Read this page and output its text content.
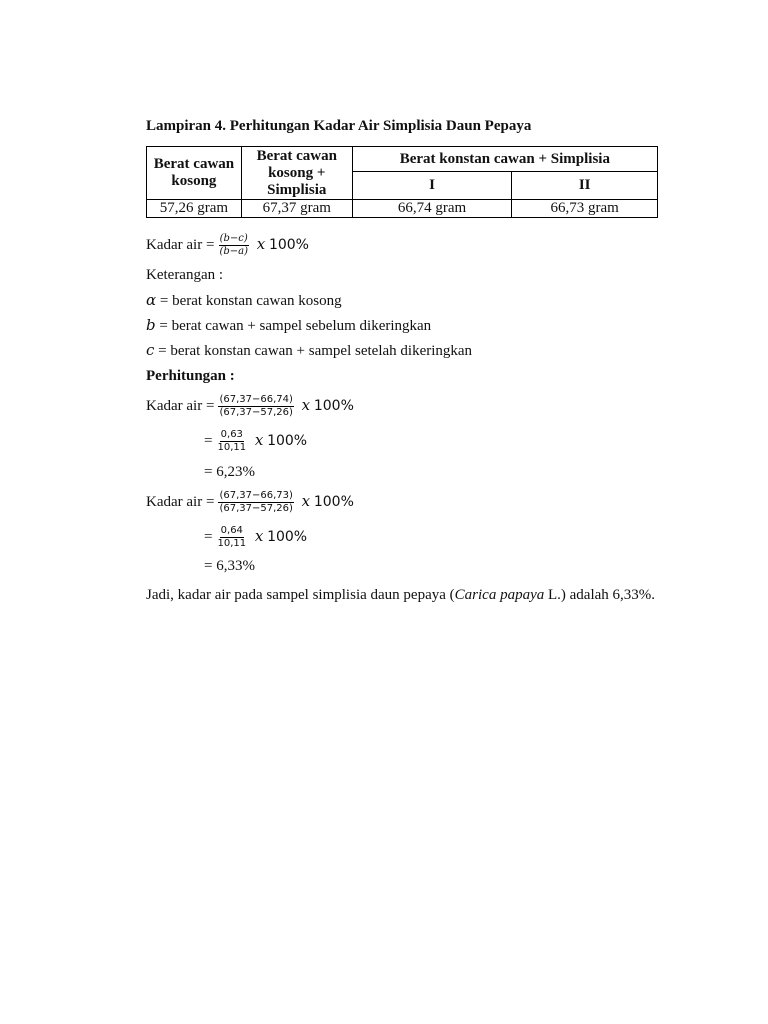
Lampiran 4. Perhitungan Kadar Air Simplisia Daun Pepaya
Berat cawan kosong	Berat cawan kosong + Simplisia	Berat konstan cawan + Simplisia	
		I	II
57,26 gram	67,37 gram	66,74 gram	66,73 gram
Kadar air = $\frac{(b-c)}{(b-a)}$ x 100%
Keterangan :
α = berat konstan cawan kosong
b = berat cawan + sampel sebelum dikeringkan
c = berat konstan cawan + sampel setelah dikeringkan
Perhitungan :
Kadar air = $\frac{(67,37-66,74)}{(67,37-57,26)}$ x 100%
= $\frac{0,63}{10,11}$ x 100%
= 6,23%
Kadar air = $\frac{(67,37-66,73)}{(67,37-57,26)}$ x 100%
= $\frac{0,64}{10,11}$ x 100%
= 6,33%
Jadi, kadar air pada sampel simplisia daun pepaya (Carica papaya L.) adalah 6,33%.
